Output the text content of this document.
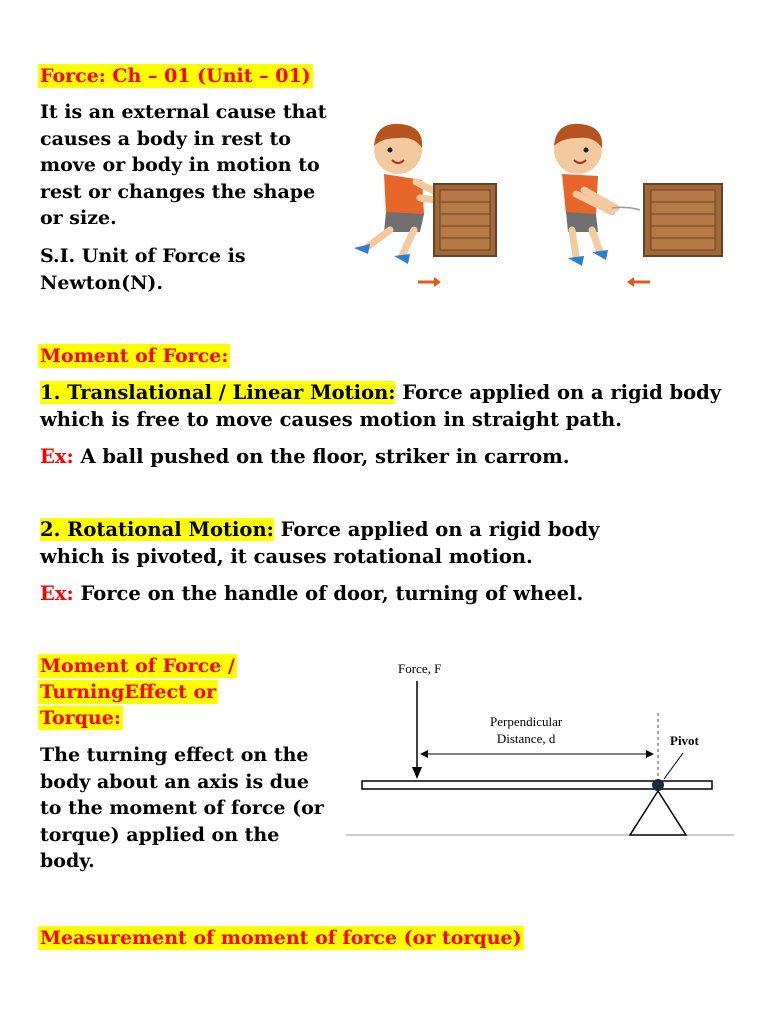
Force: Ch – 01 (Unit – 01)

It is an external cause that

causes a body in rest to

move or body in motion to

rest or changes the shape

or size.

S.I. Unit of Force is

Newton(N).

Moment of Force:
1. Translational / Linear Motion: Force applied on a rigid body
which is free to move causes motion in straight path.
Ex: A ball pushed on the floor, striker in carrom.
2. Rotational Motion: Force applied on a rigid body
which is pivoted, it causes rotational motion.
Ex: Force on the handle of door, turning of wheel.
Moment of Force /
TurningEffect or
Torque:

The turning effect on the

body about an axis is due

to the moment of force (or

torque) applied on the

body.

Force, F
Perpendicular
Distance, d	Pivot
Measurement of moment of force (or torque)
